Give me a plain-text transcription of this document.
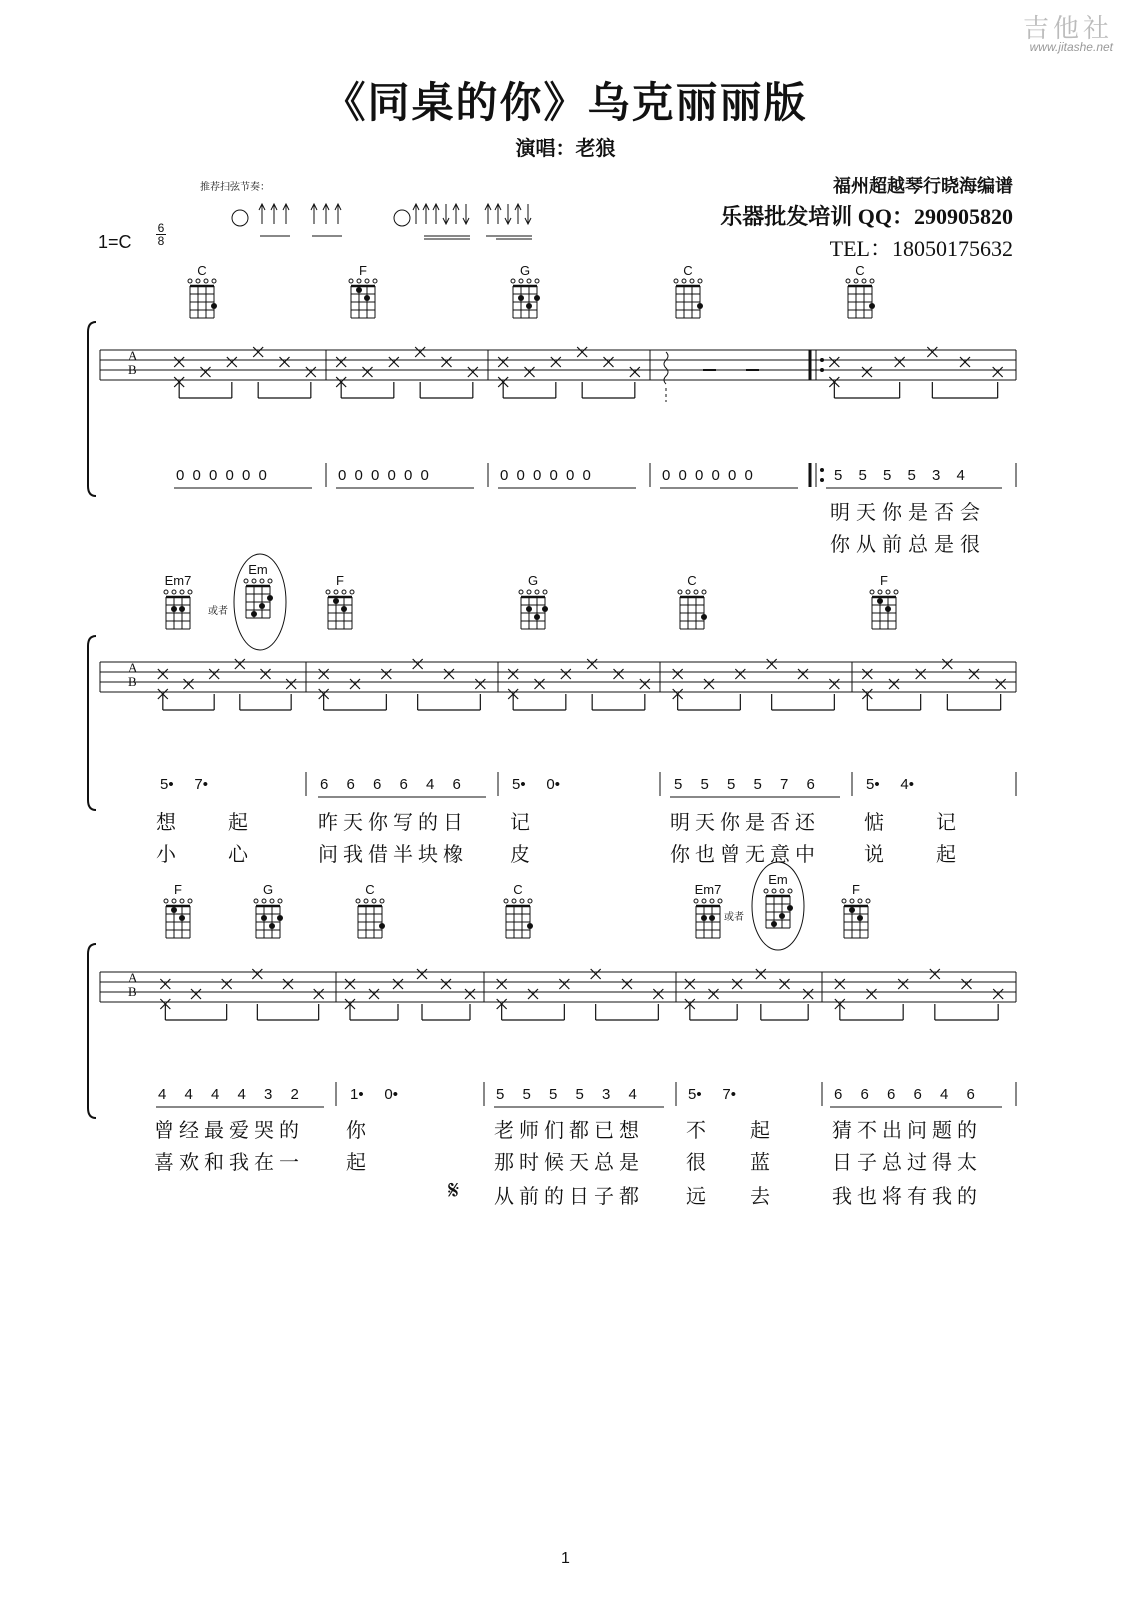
吉他社
www.jitashe.net
《同桌的你》乌克丽丽版
演唱：老狼
福州超越琴行晓海编谱
乐器批发培训 QQ：290905820
TEL：18050175632
推荐扫弦节奏：
1=C
6
8
A
B
A
B
A
B
C	F	G	C	C
0 0 0 0 0 0	0 0 0 0 0 0	0 0 0 0 0 0	0 0 0 0 0 0	5 5 5 5 3 4
明天你是否会
你从前总是很
Em7
Em
或者
F	G	C	F
5•     7•	6 6 6 6 4 6	5•     0•	5 5 5 5 7 6	5•     4•
想	起	昨天你写的日 记	明天你是否还 惦	记
小	心	问我借半块橡 皮	你也曾无意中 说	起
F	G	C	C	Em7
Em
或者
F
4 4 4 4 3 2	1•     0•	5 5 5 5 3 4	5•     7•	6 6 6 6 4 6
曾经最爱哭的 你	老师们都已想 不 起	猜不出问题的
喜欢和我在一 起	那时候天总是 很 蓝	日子总过得太
𝄋 从前的日子都 远 去	我也将有我的
1
